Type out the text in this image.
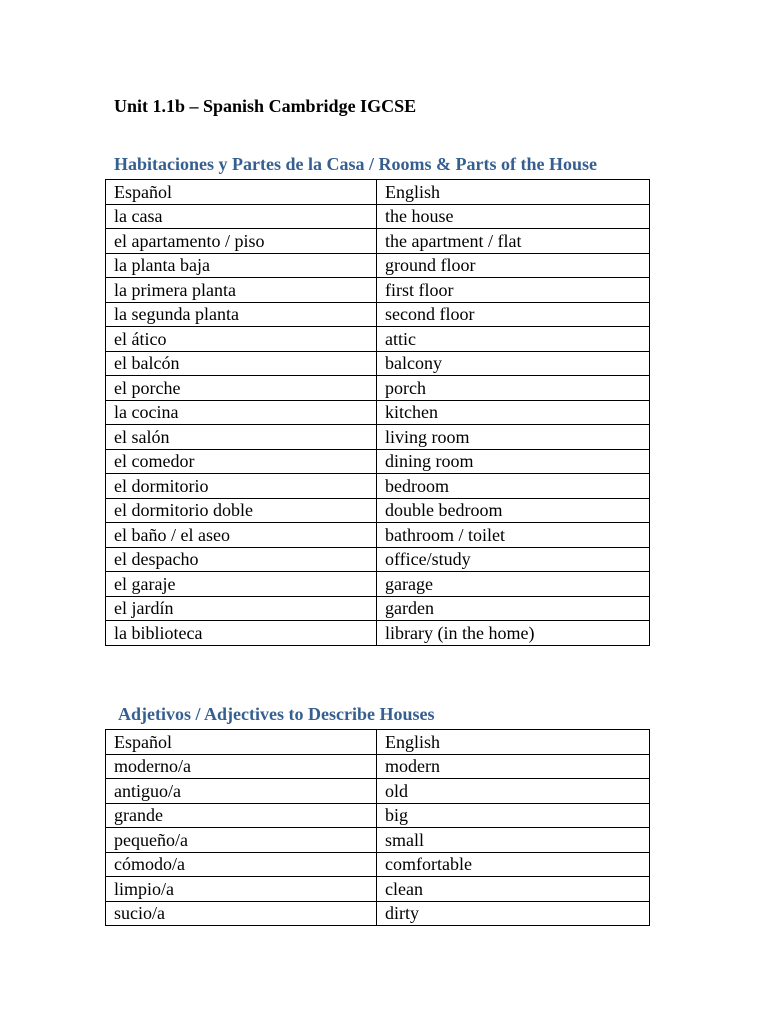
Unit 1.1b – Spanish Cambridge IGCSE
Habitaciones y Partes de la Casa / Rooms & Parts of the House
Español	English
la casa	the house
el apartamento / piso	the apartment / flat
la planta baja	ground floor
la primera planta	first floor
la segunda planta	second floor
el ático	attic
el balcón	balcony
el porche	porch
la cocina	kitchen
el salón	living room
el comedor	dining room
el dormitorio	bedroom
el dormitorio doble	double bedroom
el baño / el aseo	bathroom / toilet
el despacho	office/study
el garaje	garage
el jardín	garden
la biblioteca	library (in the home)
Adjetivos / Adjectives to Describe Houses
Español	English
moderno/a	modern
antiguo/a	old
grande	big
pequeño/a	small
cómodo/a	comfortable
limpio/a	clean
sucio/a	dirty
